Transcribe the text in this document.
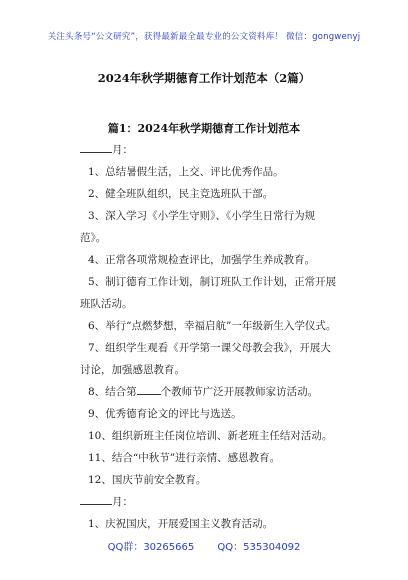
关注头条号“公文研究”，获得最新最全最专业的公文资料库！ 微信：gongwenyj
2024年秋学期德育工作计划范本（2篇）
篇1：2024年秋学期德育工作计划范本
月：
1、总结暑假生活，上交、评比优秀作品。
2、健全班队组织，民主竞选班队干部。
3、深入学习《小学生守则》、《小学生日常行为规
范》。
4、正常各项常规检查评比，加强学生养成教育。
5、制订德育工作计划，制订班队工作计划，正常开展
班队活动。
6、举行“点燃梦想，幸福启航”一年级新生入学仪式。
7、组织学生观看《开学第一课父母教会我》，开展大
讨论，加强感恩教育。
8、结合第 个教师节广泛开展教师家访活动。
9、优秀德育论文的评比与选送。
10、组织新班主任岗位培训、新老班主任结对活动。
11、结合“中秋节”进行亲情、感恩教育。
12、国庆节前安全教育。
月：
1、庆祝国庆，开展爱国主义教育活动。
QQ群：30265665 QQ：535304092
